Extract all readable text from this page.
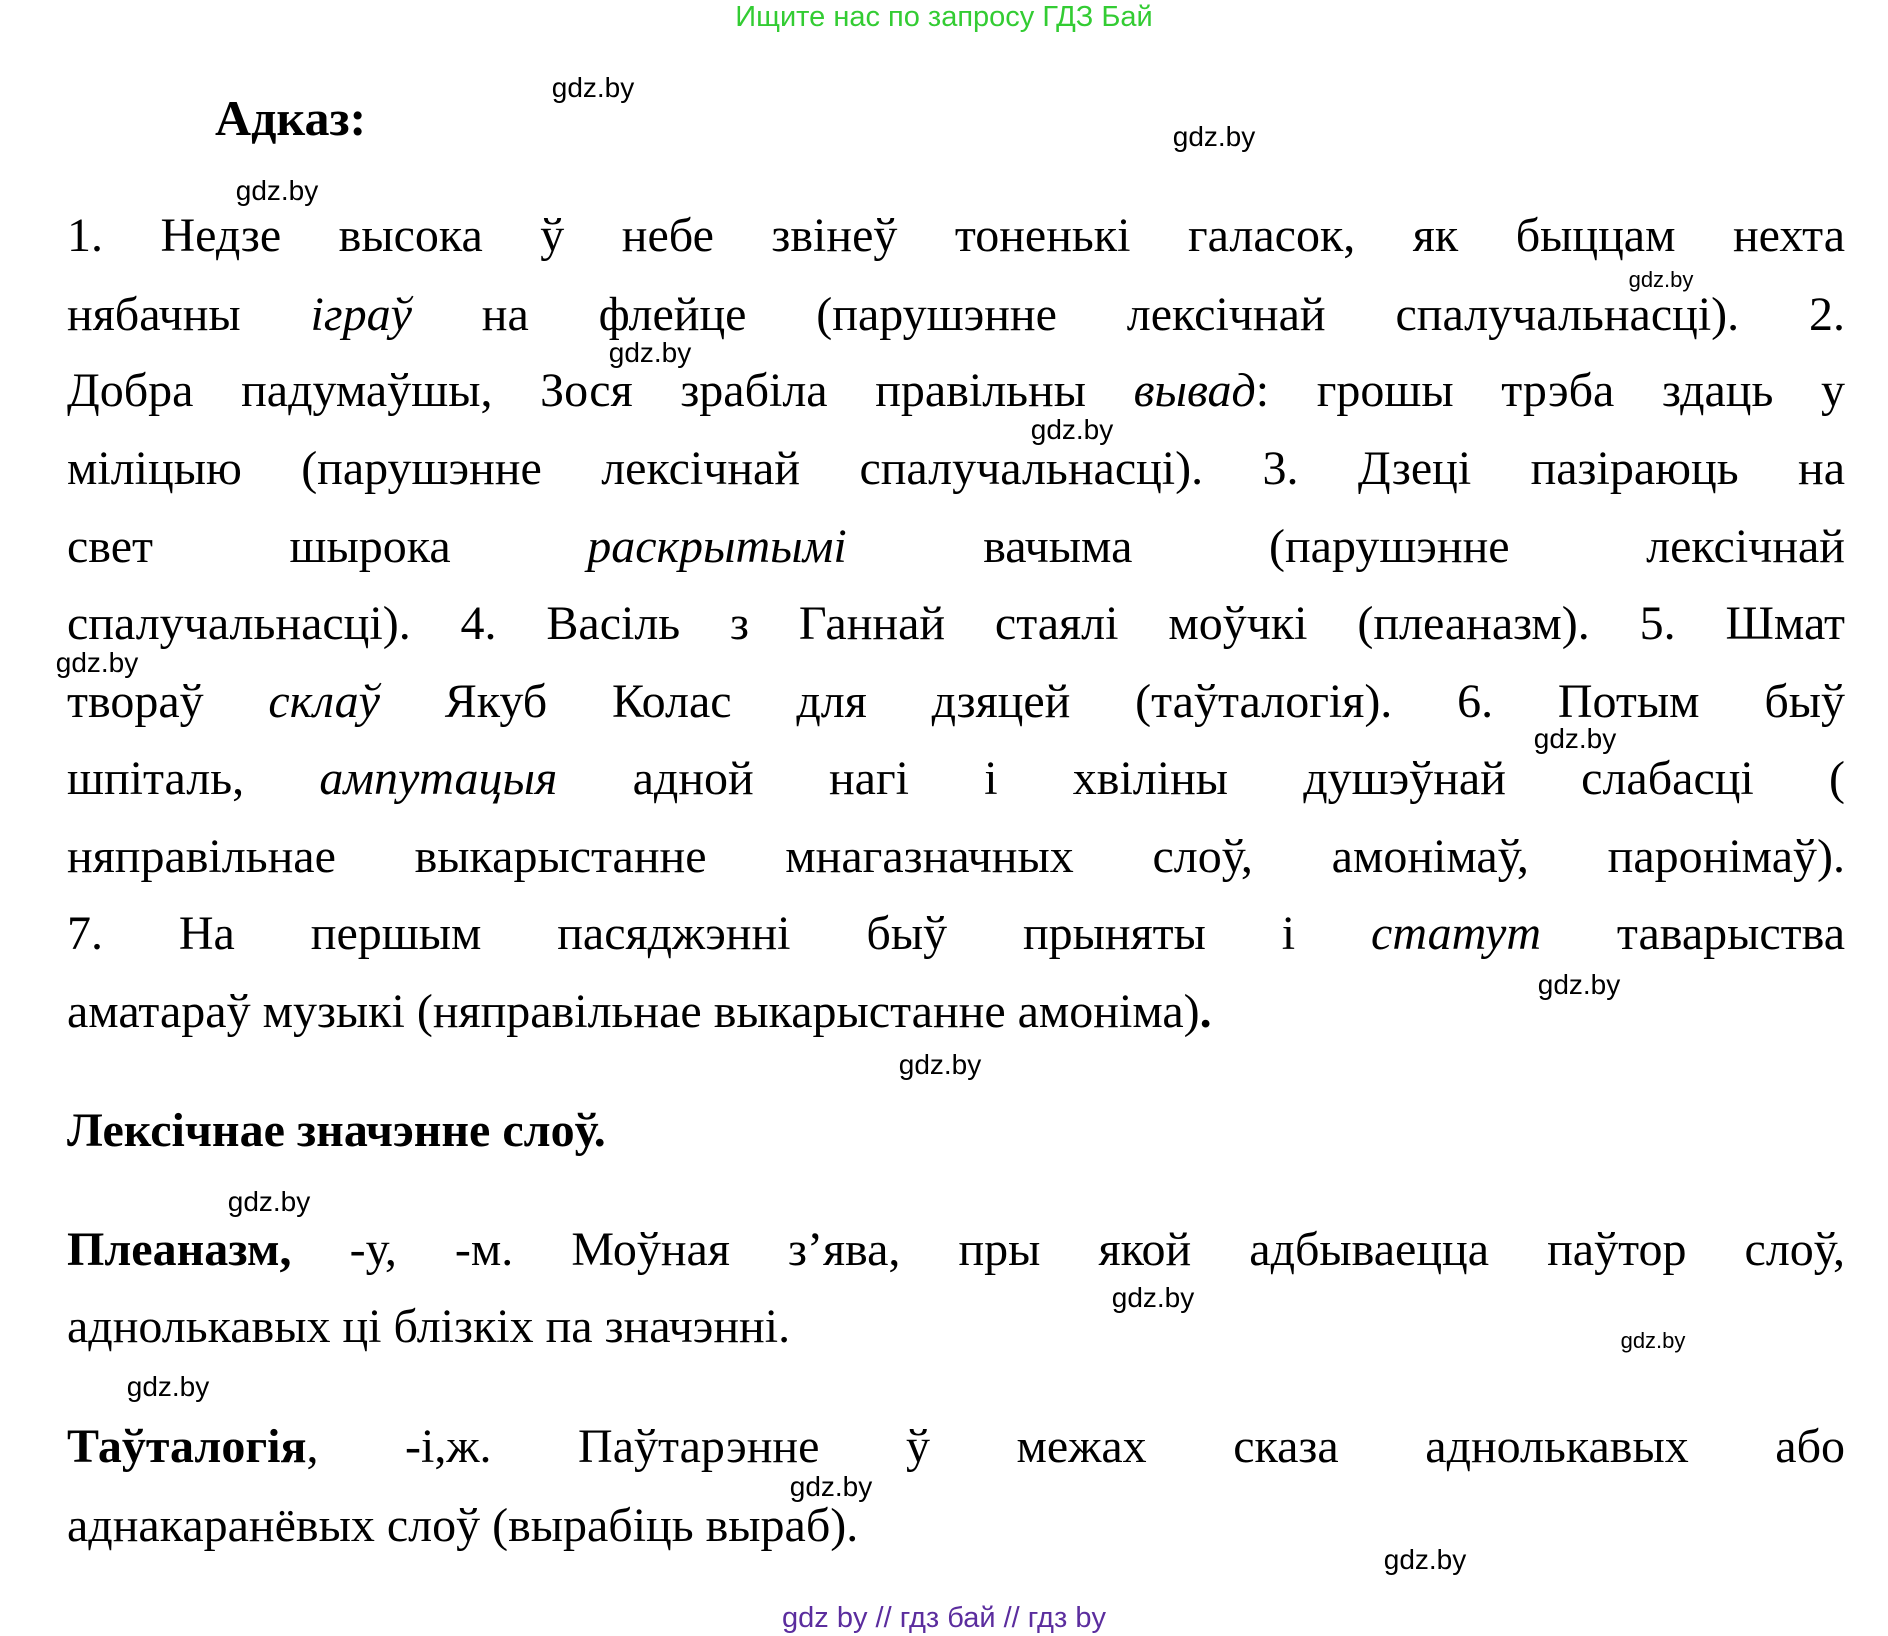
Ищите нас по запросу ГДЗ Бай
Адказ:
1. Недзе высока ў небе звінеў тоненькі галасок, як быццам нехта
нябачны іграў на флейце (парушэнне лексічнай спалучальнасці). 2.
Добра падумаўшы, Зося зрабіла правільны вывад: грошы трэба здаць у
міліцыю (парушэнне лексічнай спалучальнасці). 3. Дзеці пазіраюць на
свет шырока раскрытымі вачыма (парушэнне лексічнай
спалучальнасці). 4. Васіль з Ганнай стаялі моўчкі (плеаназм). 5. Шмат
твораў склаў Якуб Колас для дзяцей (таўталогія). 6. Потым быў
шпіталь, ампутацыя адной нагі і хвіліны душэўнай слабасці (
няправільнае выкарыстанне мнагазначных слоў, амонімаў, паронімаў).
7. На першым пасяджэнні быў прыняты і статут таварыства
аматараў музыкі (няправільнае выкарыстанне амоніма).
Лексічнае значэнне слоў.
Плеаназм, -у, -м. Моўная з’ява, пры якой адбываецца паўтор слоў,
аднолькавых ці блізкіх па значэнні.
Таўталогія, -і,ж. Паўтарэнне ў межах сказа аднолькавых або
аднакаранёвых слоў (вырабіць выраб).
gdz.by
gdz.by
gdz.by
gdz.by
gdz.by
gdz.by
gdz.by
gdz.by
gdz.by
gdz.by
gdz.by
gdz.by
gdz.by
gdz.by
gdz.by
gdz.by
gdz by // гдз бай // гдз by
